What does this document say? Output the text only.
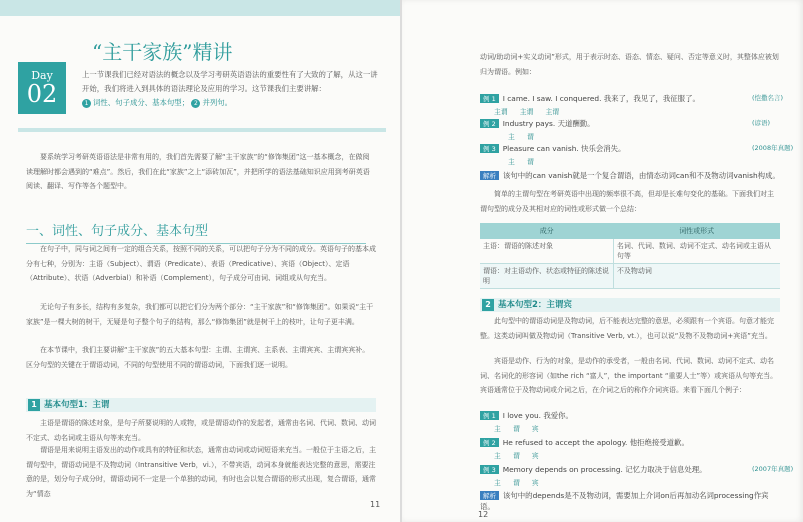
“主干家族”精讲
Day
02
上一节课我们已经对语法的概念以及学习考研英语语法的重要性有了大致的了解，从这一讲开始，我们将进入到具体的语法理论及应用的学习。这节课我们主要讲解：
1 词性、句子成分、基本句型； 2 并列句。
要系统学习考研英语语法是非常有用的，我们首先需要了解“主干家族”的“修饰集团”这一基本概念，在做阅读理解时都会遇到的“难点”。然后，我们在此“家族”之上“添砖加瓦”，并把所学的语法基础知识应用到考研英语阅读、翻译、写作等各个题型中。
一、词性、句子成分、基本句型
在句子中，同与词之间有一定的组合关系，按照不同的关系，可以把句子分为不同的成分。英语句子的基本成分有七种，分别为：主语（Subject）、谓语（Predicate）、表语（Predicative）、宾语（Object）、定语（Attribute）、状语（Adverbial）和补语（Complement），句子成分可由词、词组或从句充当。
无论句子有多长，结构有多复杂，我们都可以把它们分为两个部分：“主干家族”和“修饰集团”。如果说“主干家族”是一棵大树的树干，无疑是句子整个句子的结构，那么“修饰集团”就是树干上的枝叶，让句子更丰满。
在本节课中，我们主要讲解“主干家族”的五大基本句型：主谓、主谓宾、主系表、主谓宾宾、主谓宾宾补。区分句型的关键在于谓语动词，不同的句型使用不同的谓语动词，下面我们逐一说明。
1 基本句型1：主谓
主语是谓语的陈述对象，是句子所要说明的人或物，或是谓语动作的发起者，通常由名词、代词、数词、动词不定式、动名词或主语从句等来充当。
谓语是用来说明主语发出的动作或具有的特征和状态，通常由动词或动词短语来充当。一般位于主语之后，主谓句型中，谓语动词是不及物动词（Intransitive Verb，vi.），不带宾语，动词本身就能表达完整的意思，需要注意的是，划分句子成分时，谓语动词不一定是一个单独的动词，有时也会以复合谓语的形式出现，复合谓语，通常为“情态
11
动词/助动词+实义动词”形式，用于表示时态、语态、情态、疑问、否定等意义时，其整体应被划归为谓语。例如：
例 1 I came. I saw. I conquered. 我来了，我见了，我征服了。	(恺撒名言)
主谓 主谓 主谓
例 2 Industry pays. 天道酬勤。	(谚语)
主 谓
例 3 Pleasure can vanish. 快乐会消失。	(2008年真题)
主 谓
解析 该句中的can vanish就是一个复合谓语，由情态动词can和不及物动词vanish构成。
简单的主谓句型在考研英语中出现的频率很不高，但却是长难句变化的基础。下面我们对主谓句型的成分及其相对应的词性或形式做一个总结：
成分	词性或形式
主语：谓语的陈述对象	名词、代词、数词、动词不定式、动名词或主语从句等
谓语：对主语动作、状态或特征的陈述说明	不及物动词
2 基本句型2：主谓宾
此句型中的谓语动词是及物动词，后不能表达完整的意思，必须跟有一个宾语。句意才能完整。这类动词叫做及物动词（Transitive Verb, vt.），也可以说“及物不及物动词+宾语”充当。
宾语是动作、行为的对象，是动作的承受者，一般由名词、代词、数词、动词不定式、动名词、名词化的形容词（如the rich “富人”，the important “重要人士”等）或宾语从句等充当。宾语通常位于及物动词或介词之后，在介词之后的称作介词宾语。来看下面几个例子：
例 1 I love you. 我爱你。
主 谓 宾
例 2 He refused to accept the apology. 他拒绝接受道歉。
主 谓 宾
例 3 Memory depends on processing. 记忆力取决于信息处理。	(2007年真题)
主 谓 宾
解析 该句中的depends是不及物动词，需要加上介词on后再加动名词processing作宾语。
12
